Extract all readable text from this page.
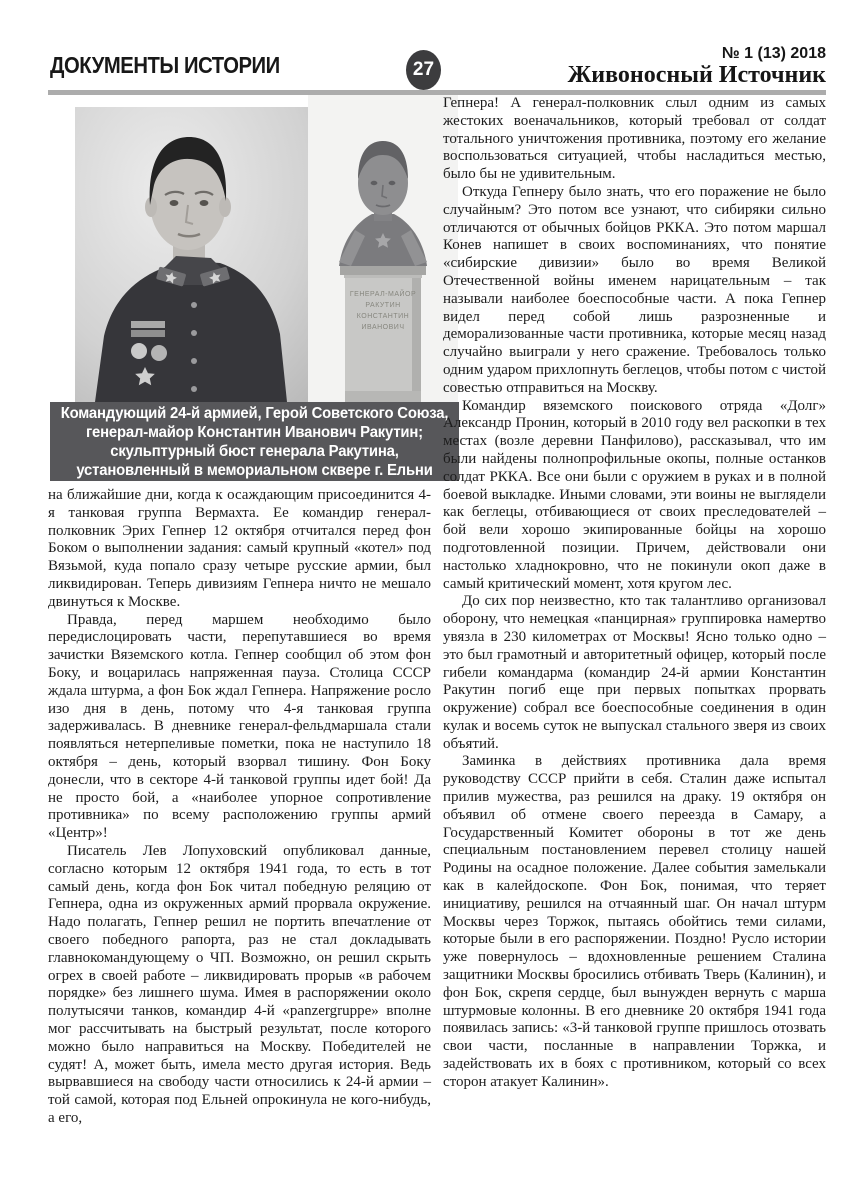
ДОКУМЕНТЫ ИСТОРИИ	27
№ 1 (13) 2018
Живоносный Источник
ГЕНЕРАЛ-МАЙОР
РАКУТИН
КОНСТАНТИН
ИВАНОВИЧ
Командующий 24-й армией, Герой Советского Союза,
генерал-майор Константин Иванович Ракутин;
скульптурный бюст генерала Ракутина,
установленный в мемориальном сквере г. Ельни

на ближайшие дни, когда к осаждающим присоединится 4-я танковая группа Вермахта. Ее командир генерал-полковник Эрих Гепнер 12 октября отчитался перед фон Боком о выполнении задания: самый крупный «котел» под Вязьмой, куда попало сразу четыре русские армии, был ликвидирован. Теперь дивизиям Гепнера ничто не мешало двинуться к Москве.

Правда, перед маршем необходимо было передислоцировать части, перепутавшиеся во время зачистки Вяземского котла. Гепнер сообщил об этом фон Боку, и воцарилась напряженная пауза. Столица СССР ждала штурма, а фон Бок ждал Гепнера. Напряжение росло изо дня в день, потому что 4-я танковая группа задерживалась. В дневнике генерал-фельдмаршала стали появляться нетерпеливые пометки, пока не наступило 18 октября – день, который взорвал тишину. Фон Боку донесли, что в секторе 4-й танковой группы идет бой! Да не просто бой, а «наиболее упорное сопротивление противника» по всему расположению группы армий «Центр»!

Писатель Лев Лопуховский опубликовал данные, согласно которым 12 октября 1941 года, то есть в тот самый день, когда фон Бок читал победную реляцию от Гепнера, одна из окруженных армий прорвала окружение. Надо полагать, Гепнер решил не портить впечатление от своего победного рапорта, раз не стал докладывать главнокомандующему о ЧП. Возможно, он решил скрыть огрех в своей работе – ликвидировать прорыв «в рабочем порядке» без лишнего шума. Имея в распоряжении около полутысячи танков, командир 4-й «panzergruppe» вполне мог рассчитывать на быстрый результат, после которого можно было направиться на Москву. Победителей не судят! А, может быть, имела место другая история. Ведь вырвавшиеся на свободу части относились к 24-й армии – той самой, которая под Ельней опрокинула не кого-нибудь, а его,

Гепнера! А генерал-полковник слыл одним из самых жестоких военачальников, который требовал от солдат тотального уничтожения противника, поэтому его желание воспользоваться ситуацией, чтобы насладиться местью, было бы не удивительным.

Откуда Гепнеру было знать, что его поражение не было случайным? Это потом все узнают, что сибиряки сильно отличаются от обычных бойцов РККА. Это потом маршал Конев напишет в своих воспоминаниях, что понятие «сибирские дивизии» было во время Великой Отечественной войны именем нарицательным – так называли наиболее боеспособные части. А пока Гепнер видел перед собой лишь разрозненные и деморализованные части противника, которые месяц назад случайно выиграли у него сражение. Требовалось только одним ударом прихлопнуть беглецов, чтобы потом с чистой совестью отправиться на Москву.

Командир вяземского поискового отряда «Долг» Александр Пронин, который в 2010 году вел раскопки в тех местах (возле деревни Панфилово), рассказывал, что им были найдены полнопрофильные окопы, полные останков солдат РККА. Все они были с оружием в руках и в полной боевой выкладке. Иными словами, эти воины не выглядели как беглецы, отбивающиеся от своих преследователей – бой вели хорошо экипированные бойцы на хорошо подготовленной позиции. Причем, действовали они настолько хладнокровно, что не покинули окоп даже в самый критический момент, хотя кругом лес.

До сих пор неизвестно, кто так талантливо организовал оборону, что немецкая «панцирная» группировка намертво увязла в 230 километрах от Москвы! Ясно только одно – это был грамотный и авторитетный офицер, который после гибели командарма (командир 24-й армии Константин Ракутин погиб еще при первых попытках прорвать окружение) собрал все боеспособные соединения в один кулак и восемь суток не выпускал стального зверя из своих объятий.

Заминка в действиях противника дала время руководству СССР прийти в себя. Сталин даже испытал прилив мужества, раз решился на драку. 19 октября он объявил об отмене своего переезда в Самару, а Государственный Комитет обороны в тот же день специальным постановлением перевел столицу нашей Родины на осадное положение. Далее события замелькали как в калейдоскопе. Фон Бок, понимая, что теряет инициативу, решился на отчаянный шаг. Он начал штурм Москвы через Торжок, пытаясь обойтись теми силами, которые были в его распоряжении. Поздно! Русло истории уже повернулось – вдохновленные решением Сталина защитники Москвы бросились отбивать Тверь (Калинин), и фон Бок, скрепя сердце, был вынужден вернуть с марша штурмовые колонны. В его дневнике 20 октября 1941 года появилась запись: «3-й танковой группе пришлось отозвать свои части, посланные в направлении Торжка, и задействовать их в боях с противником, который со всех сторон атакует Калинин».
